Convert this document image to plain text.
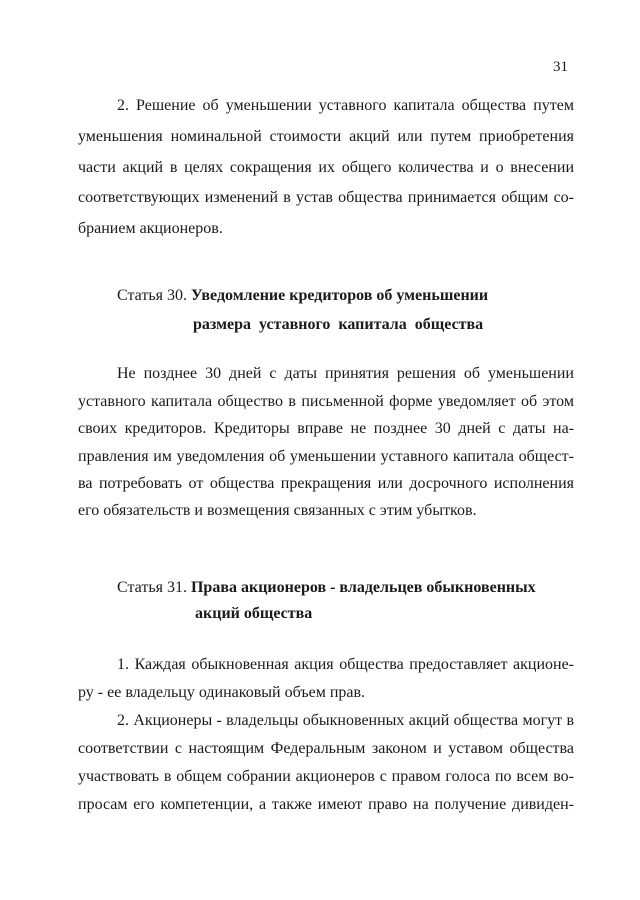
31
2. Решение об уменьшении уставного капитала общества путем
уменьшения номинальной стоимости акций или путем приобретения
части акций в целях сокращения их общего количества и о внесении
соответствующих изменений в устав общества принимается общим со-
бранием акционеров.
Статья 30. Уведомление кредиторов об уменьшении
размера уставного капитала общества
Не позднее 30 дней с даты принятия решения об уменьшении
уставного капитала общество в письменной форме уведомляет об этом
своих кредиторов. Кредиторы вправе не позднее 30 дней с даты на-
правления им уведомления об уменьшении уставного капитала общест-
ва потребовать от общества прекращения или досрочного исполнения
его обязательств и возмещения связанных с этим убытков.
Статья 31. Права акционеров - владельцев обыкновенных
акций общества
1. Каждая обыкновенная акция общества предоставляет акционе-
ру - ее владельцу одинаковый объем прав.
2. Акционеры - владельцы обыкновенных акций общества могут в
соответствии с настоящим Федеральным законом и уставом общества
участвовать в общем собрании акционеров с правом голоса по всем во-
просам его компетенции, а также имеют право на получение дивиден-
